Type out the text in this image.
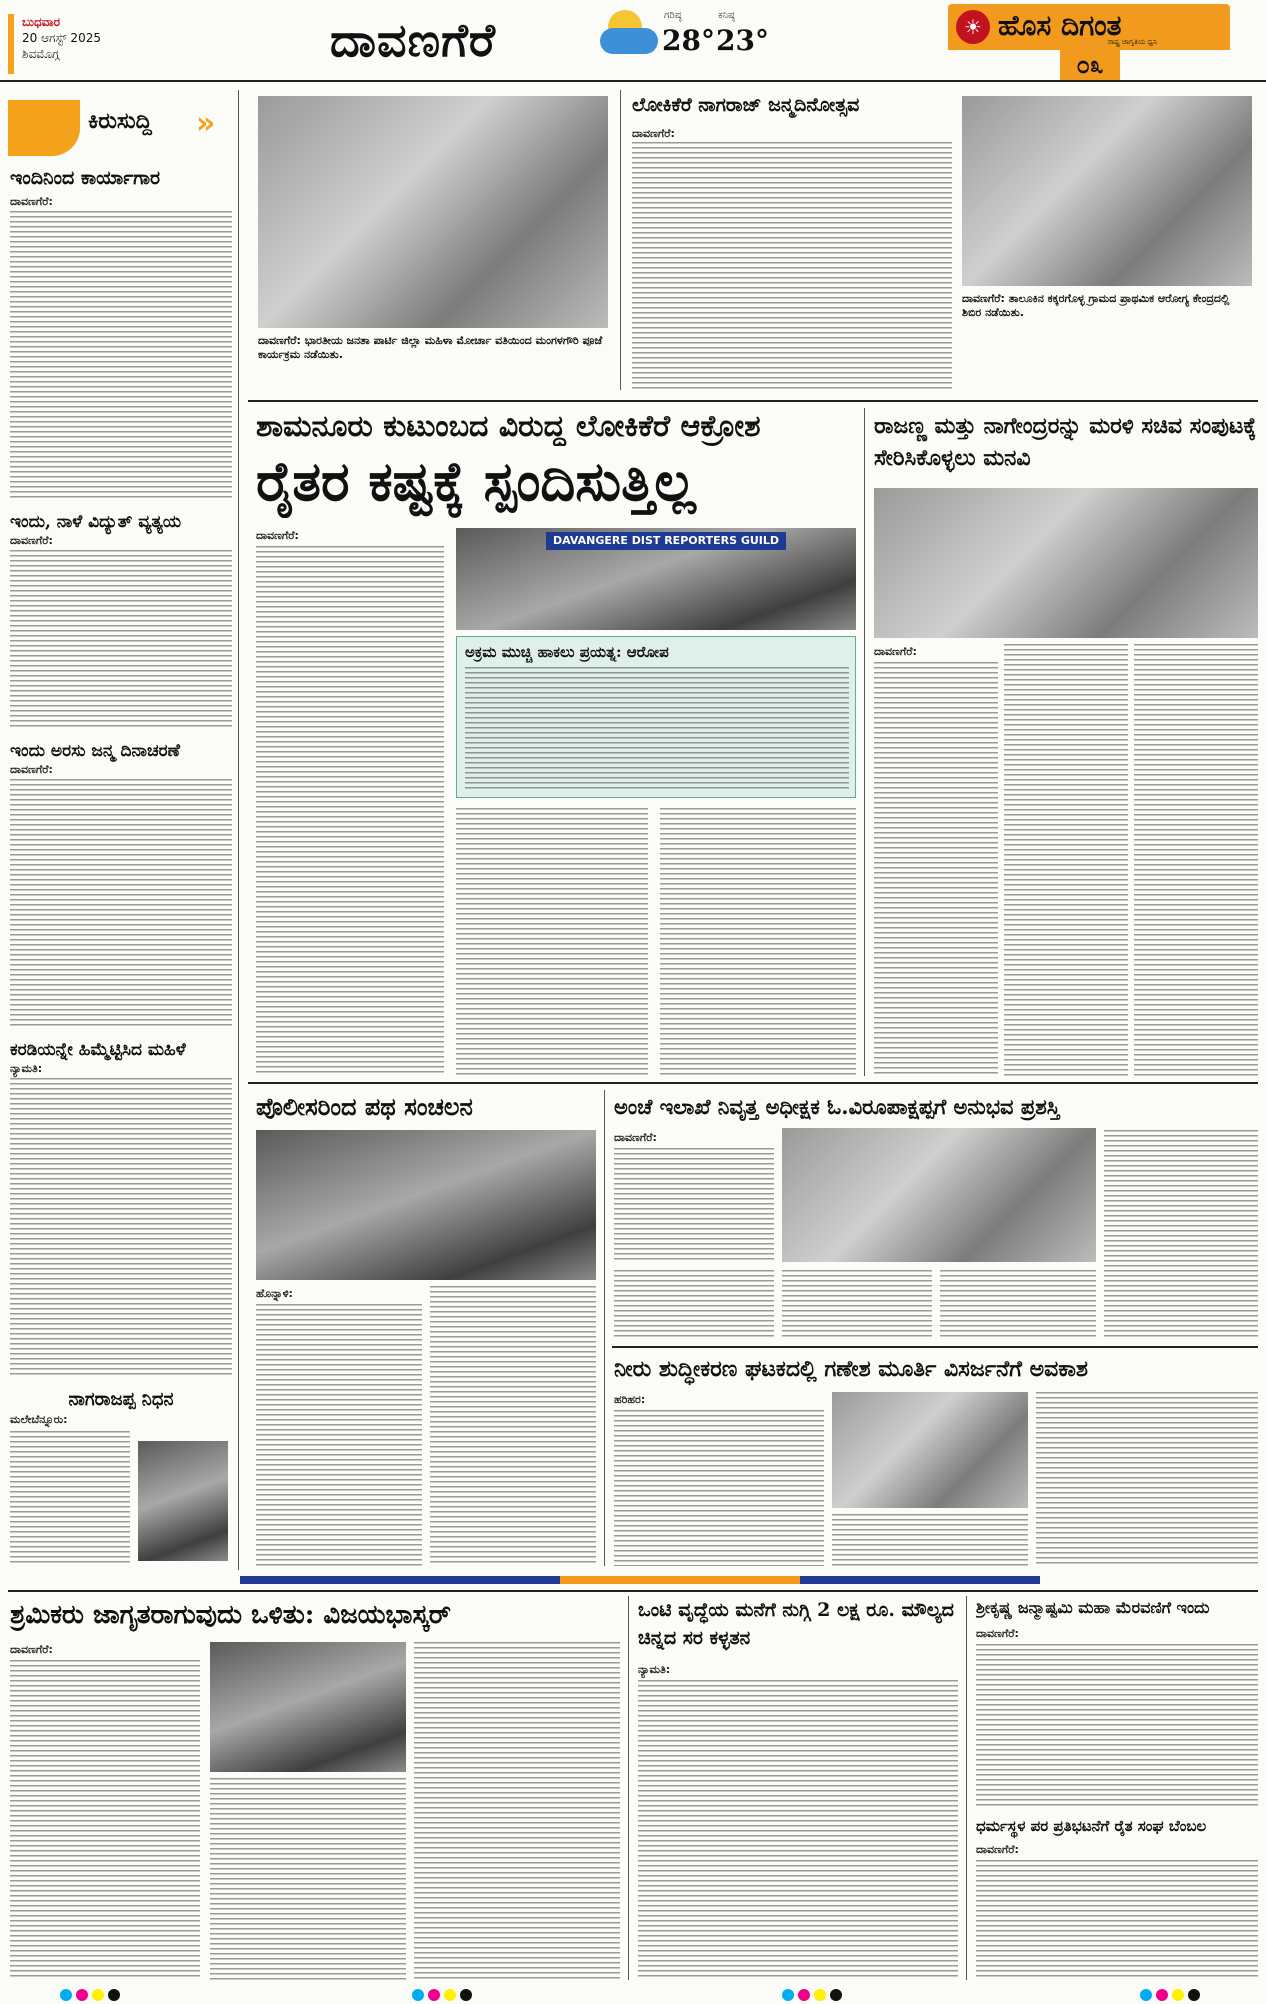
ಬುಧವಾರ
20 ಆಗಸ್ಟ್ 2025
ಶಿವಮೊಗ್ಗ	ದಾವಣಗೆರೆ	ಗರಿಷ್ಠ
28°
ಕನಿಷ್ಠ
23°	☀ ಹೊಸ ದಿಗಂತ
ರಾಷ್ಟ್ರ ಜಾಗೃತಿಯ ಧ್ವನಿ
೦೩
ಕಿರುಸುದ್ದಿ »
ಇಂದಿನಿಂದ ಕಾರ್ಯಾಗಾರ
ದಾವಣಗೆರೆ:
ಇಂದು, ನಾಳೆ ವಿದ್ಯುತ್ ವ್ಯತ್ಯಯ
ದಾವಣಗೆರೆ:
ಇಂದು ಅರಸು ಜನ್ಮ ದಿನಾಚರಣೆ
ದಾವಣಗೆರೆ:
ಕರಡಿಯನ್ನೇ ಹಿಮ್ಮೆಟ್ಟಿಸಿದ ಮಹಿಳೆ
ನ್ಯಾಮತಿ:
ನಾಗರಾಜಪ್ಪ ನಿಧನ
ಮಲೇಬೆನ್ನೂರು:
ದಾವಣಗೆರೆ: ಭಾರತೀಯ ಜನತಾ ಪಾರ್ಟಿ ಜಿಲ್ಲಾ ಮಹಿಳಾ ಮೋರ್ಚಾ ವತಿಯಿಂದ ಮಂಗಳಗೌರಿ ಪೂಜೆ ಕಾರ್ಯಕ್ರಮ ನಡೆಯಿತು.
ಲೋಕಿಕೆರೆ ನಾಗರಾಜ್ ಜನ್ಮದಿನೋತ್ಸವ
ದಾವಣಗೆರೆ:
ದಾವಣಗೆರೆ: ತಾಲೂಕಿನ ಕಕ್ಕರಗೊಳ್ಳ ಗ್ರಾಮದ ಪ್ರಾಥಮಿಕ ಆರೋಗ್ಯ ಕೇಂದ್ರದಲ್ಲಿ ಶಿಬಿರ ನಡೆಯಿತು.
ಶಾಮನೂರು ಕುಟುಂಬದ ವಿರುದ್ಧ ಲೋಕಿಕೆರೆ ಆಕ್ರೋಶ
ರೈತರ ಕಷ್ಟಕ್ಕೆ ಸ್ಪಂದಿಸುತ್ತಿಲ್ಲ
ದಾವಣಗೆರೆ:	DAVANGERE DIST REPORTERS GUILD
ಅಕ್ರಮ ಮುಚ್ಚಿ ಹಾಕಲು ಪ್ರಯತ್ನ: ಆರೋಪ
ರಾಜಣ್ಣ ಮತ್ತು ನಾಗೇಂದ್ರರನ್ನು ಮರಳಿ ಸಚಿವ ಸಂಪುಟಕ್ಕೆ ಸೇರಿಸಿಕೊಳ್ಳಲು ಮನವಿ
ದಾವಣಗೆರೆ:
ಪೊಲೀಸರಿಂದ ಪಥ ಸಂಚಲನ
ಹೊನ್ನಾಳಿ:
ಅಂಚೆ ಇಲಾಖೆ ನಿವೃತ್ತ ಅಧೀಕ್ಷಕ ಓ.ವಿರೂಪಾಕ್ಷಪ್ಪಗೆ ಅನುಭವ ಪ್ರಶಸ್ತಿ
ದಾವಣಗೆರೆ:
ನೀರು ಶುದ್ಧೀಕರಣ ಘಟಕದಲ್ಲಿ ಗಣೇಶ ಮೂರ್ತಿ ವಿಸರ್ಜನೆಗೆ ಅವಕಾಶ
ಹರಿಹರ:
ಶ್ರಮಿಕರು ಜಾಗೃತರಾಗುವುದು ಒಳಿತು: ವಿಜಯಭಾಸ್ಕರ್
ದಾವಣಗೆರೆ:
ಒಂಟಿ ವೃದ್ಧೆಯ ಮನೆಗೆ ನುಗ್ಗಿ 2 ಲಕ್ಷ ರೂ. ಮೌಲ್ಯದ ಚಿನ್ನದ ಸರ ಕಳ್ಳತನ
ನ್ಯಾಮತಿ:
ಶ್ರೀಕೃಷ್ಣ ಜನ್ಮಾಷ್ಟಮಿ ಮಹಾ ಮೆರವಣಿಗೆ ಇಂದು
ದಾವಣಗೆರೆ:
ಧರ್ಮಸ್ಥಳ ಪರ ಪ್ರತಿಭಟನೆಗೆ ರೈತ ಸಂಘ ಬೆಂಬಲ
ದಾವಣಗೆರೆ:
